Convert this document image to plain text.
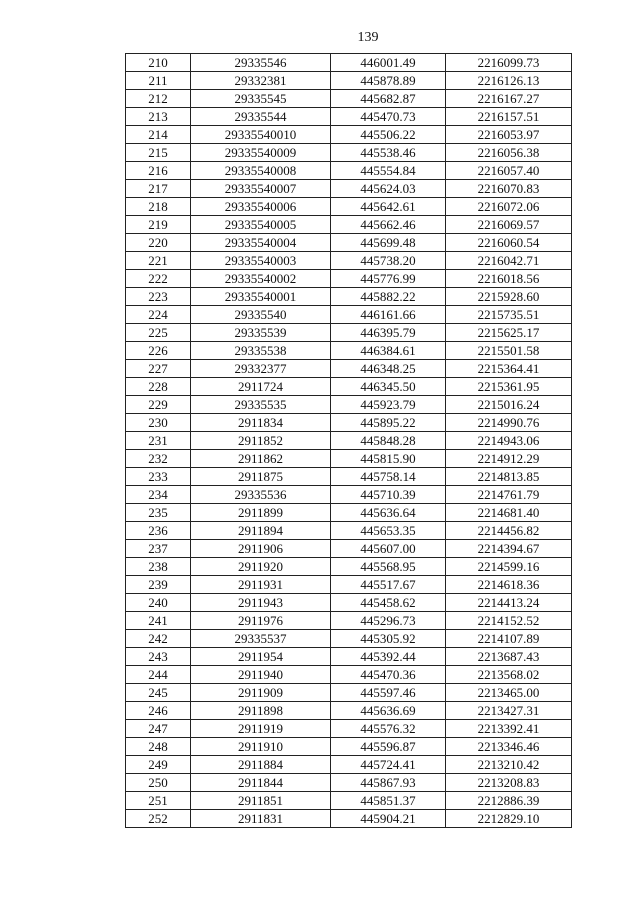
139
210	29335546	446001.49	2216099.73
211	29332381	445878.89	2216126.13
212	29335545	445682.87	2216167.27
213	29335544	445470.73	2216157.51
214	29335540010	445506.22	2216053.97
215	29335540009	445538.46	2216056.38
216	29335540008	445554.84	2216057.40
217	29335540007	445624.03	2216070.83
218	29335540006	445642.61	2216072.06
219	29335540005	445662.46	2216069.57
220	29335540004	445699.48	2216060.54
221	29335540003	445738.20	2216042.71
222	29335540002	445776.99	2216018.56
223	29335540001	445882.22	2215928.60
224	29335540	446161.66	2215735.51
225	29335539	446395.79	2215625.17
226	29335538	446384.61	2215501.58
227	29332377	446348.25	2215364.41
228	2911724	446345.50	2215361.95
229	29335535	445923.79	2215016.24
230	2911834	445895.22	2214990.76
231	2911852	445848.28	2214943.06
232	2911862	445815.90	2214912.29
233	2911875	445758.14	2214813.85
234	29335536	445710.39	2214761.79
235	2911899	445636.64	2214681.40
236	2911894	445653.35	2214456.82
237	2911906	445607.00	2214394.67
238	2911920	445568.95	2214599.16
239	2911931	445517.67	2214618.36
240	2911943	445458.62	2214413.24
241	2911976	445296.73	2214152.52
242	29335537	445305.92	2214107.89
243	2911954	445392.44	2213687.43
244	2911940	445470.36	2213568.02
245	2911909	445597.46	2213465.00
246	2911898	445636.69	2213427.31
247	2911919	445576.32	2213392.41
248	2911910	445596.87	2213346.46
249	2911884	445724.41	2213210.42
250	2911844	445867.93	2213208.83
251	2911851	445851.37	2212886.39
252	2911831	445904.21	2212829.10
